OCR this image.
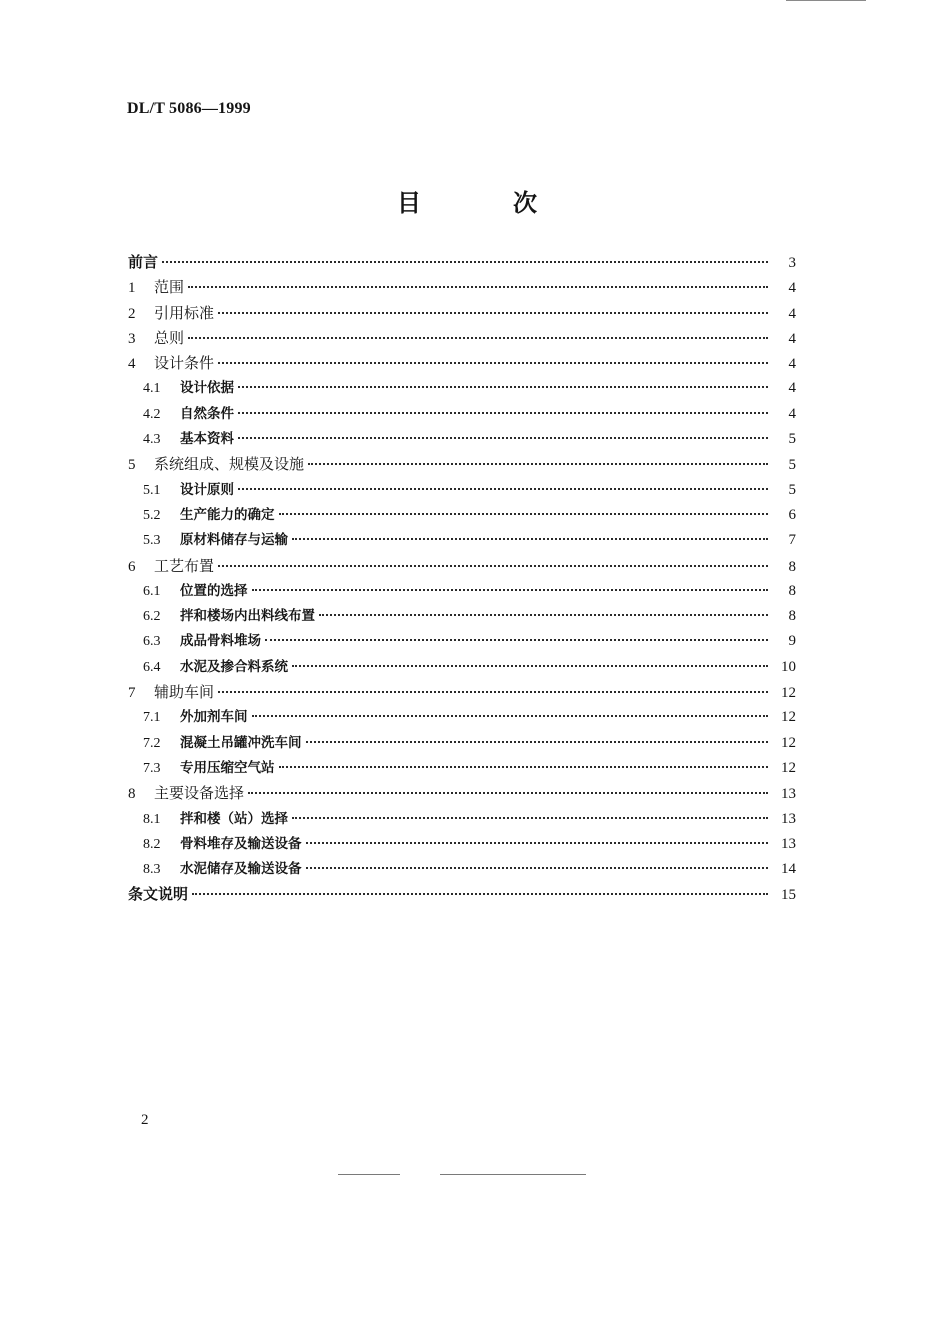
DL/T 5086—1999
目	次
前言	3
1	范围	4
2	引用标准	4
3	总则	4
4	设计条件	4
4.1	设计依据	4
4.2	自然条件	4
4.3	基本资料	5
5	系统组成、规模及设施	5
5.1	设计原则	5
5.2	生产能力的确定	6
5.3	原材料储存与运输	7
6	工艺布置	8
6.1	位置的选择	8
6.2	拌和楼场内出料线布置	8
6.3	成品骨料堆场	9
6.4	水泥及掺合料系统	10
7	辅助车间	12
7.1	外加剂车间	12
7.2	混凝土吊罐冲洗车间	12
7.3	专用压缩空气站	12
8	主要设备选择	13
8.1	拌和楼（站）选择	13
8.2	骨料堆存及输送设备	13
8.3	水泥储存及输送设备	14
条文说明	15
2
